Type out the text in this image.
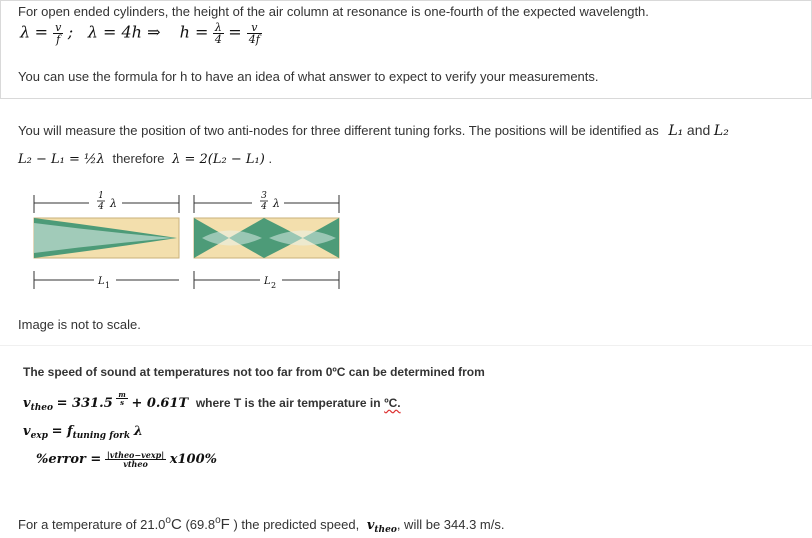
For open ended cylinders, the height of the air column at resonance is one-fourth of the expected wavelength.
$\lambda = \frac{v}{f}$ ;   λ = 4h ⇒ $h = \frac{\lambda}{4} = \frac{v}{4f}$
You can use the formula for h to have an idea of what answer to expect to verify your measurements.
You will measure the position of two anti-nodes for three different tuning forks. The positions will be identified as L₁ and L₂
L₂ − L₁ = ½λ therefore λ = 2(L₂ − L₁) .
1
4 λ
3
4 λ
L 1	L 2
Image is not to scale.
The speed of sound at temperatures not too far from 0ºC can be determined from
$v_{theo} = 331.5 \frac{m}{s} + 0.61T$ where T is the air temperature in ºC.
$v_{exp} = f_{tuning fork}$ λ
%error = $\frac{\text{|vtheo−vexp|}}{\text{vtheo}} x100\%$
For a temperature of 21.0$^o$C (69.8$^o$F ) the predicted speed, $v_{theo}$, will be 344.3 m/s.
